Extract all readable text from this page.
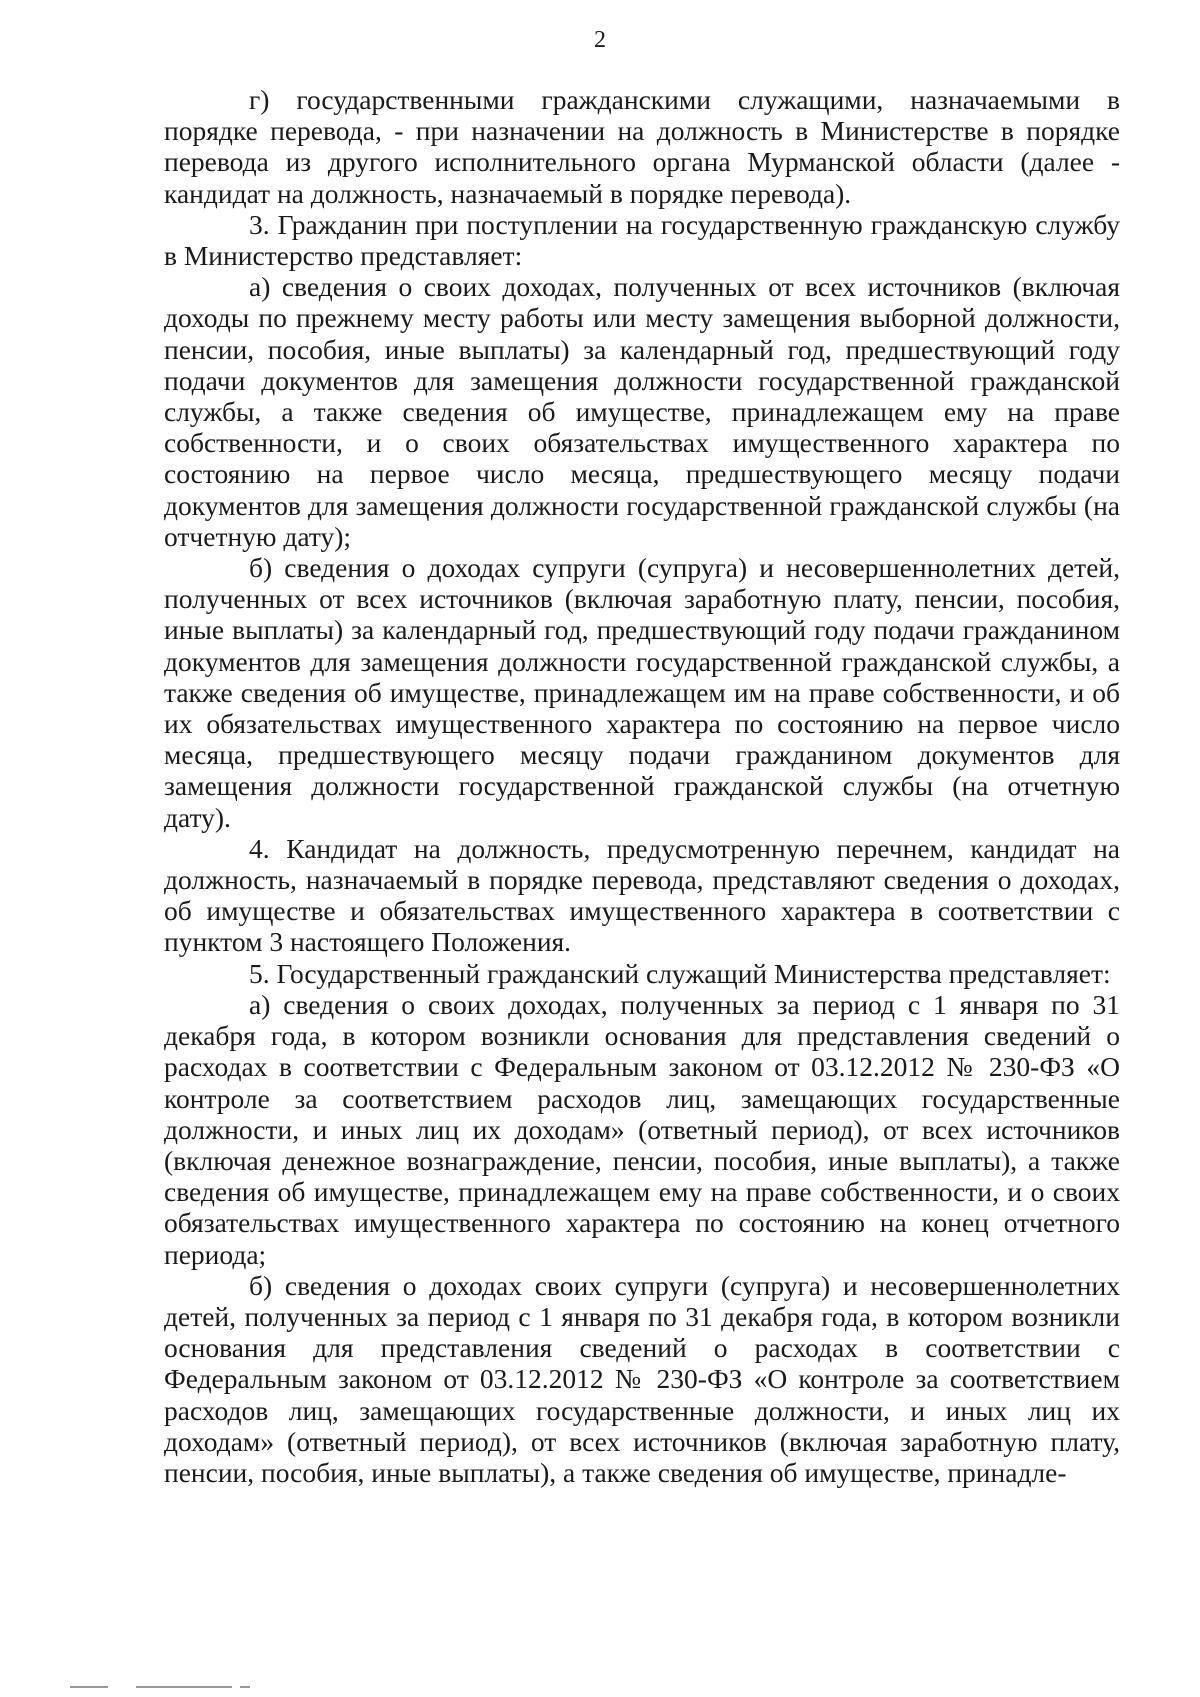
2

г) государственными гражданскими служащими, назначаемыми в порядке перевода, - при назначении на должность в Министерстве в порядке перевода из другого исполнительного органа Мурманской области (далее - кандидат на должность, назначаемый в порядке перевода).

3. Гражданин при поступлении на государственную гражданскую службу в Министерство представляет:

а) сведения о своих доходах, полученных от всех источников (включая доходы по прежнему месту работы или месту замещения выборной должности, пенсии, пособия, иные выплаты) за календарный год, предшествующий году подачи документов для замещения должности государственной гражданской службы, а также сведения об имуществе, принадлежащем ему на праве собственности, и о своих обязательствах имущественного характера по состоянию на первое число месяца, предшествующего месяцу подачи документов для замещения должности государственной гражданской службы (на отчетную дату);

б) сведения о доходах супруги (супруга) и несовершеннолетних детей, полученных от всех источников (включая заработную плату, пенсии, пособия, иные выплаты) за календарный год, предшествующий году подачи гражданином документов для замещения должности государственной гражданской службы, а также сведения об имуществе, принадлежащем им на праве собственности, и об их обязательствах имущественного характера по состоянию на первое число месяца, предшествующего месяцу подачи гражданином документов для замещения должности государственной гражданской службы (на отчетную дату).

4. Кандидат на должность, предусмотренную перечнем, кандидат на должность, назначаемый в порядке перевода, представляют сведения о доходах, об имуществе и обязательствах имущественного характера в соответствии с пунктом 3 настоящего Положения.

5. Государственный гражданский служащий Министерства представляет:

а) сведения о своих доходах, полученных за период с 1 января по 31 декабря года, в котором возникли основания для представления сведений о расходах в соответствии с Федеральным законом от 03.12.2012 № 230-ФЗ «О контроле за соответствием расходов лиц, замещающих государственные должности, и иных лиц их доходам» (ответный период), от всех источников (включая денежное вознаграждение, пенсии, пособия, иные выплаты), а также сведения об имуществе, принадлежащем ему на праве собственности, и о своих обязательствах имущественного характера по состоянию на конец отчетного периода;

б) сведения о доходах своих супруги (супруга) и несовершеннолетних детей, полученных за период с 1 января по 31 декабря года, в котором возникли основания для представления сведений о расходах в соответствии с Федеральным законом от 03.12.2012 № 230-ФЗ «О контроле за соответствием расходов лиц, замещающих государственные должности, и иных лиц их доходам» (ответный период), от всех источников (включая заработную плату, пенсии, пособия, иные выплаты), а также сведения об имуществе, принадле-
